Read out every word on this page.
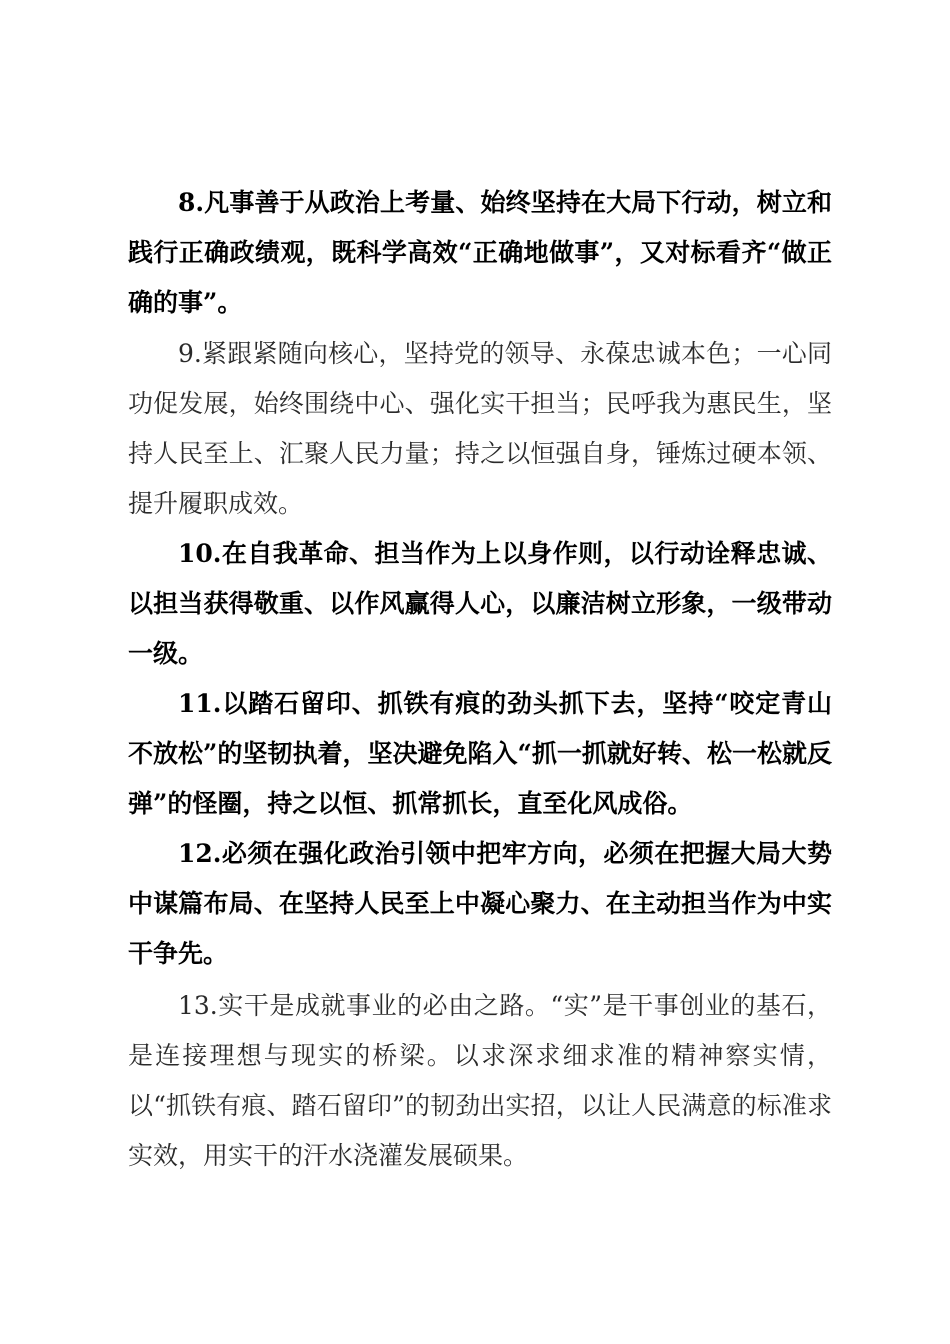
8.凡事善于从政治上考量、始终坚持在大局下行动，树立和践行正确政绩观，既科学高效“正确地做事”，又对标看齐“做正确的事”。

9.紧跟紧随向核心，坚持党的领导、永葆忠诚本色；一心同功促发展，始终围绕中心、强化实干担当；民呼我为惠民生，坚持人民至上、汇聚人民力量；持之以恒强自身，锤炼过硬本领、提升履职成效。

10.在自我革命、担当作为上以身作则，以行动诠释忠诚、以担当获得敬重、以作风赢得人心，以廉洁树立形象，一级带动一级。

11.以踏石留印、抓铁有痕的劲头抓下去，坚持“咬定青山不放松”的坚韧执着，坚决避免陷入“抓一抓就好转、松一松就反弹”的怪圈，持之以恒、抓常抓长，直至化风成俗。

12.必须在强化政治引领中把牢方向，必须在把握大局大势中谋篇布局、在坚持人民至上中凝心聚力、在主动担当作为中实干争先。

13.实干是成就事业的必由之路。“实”是干事创业的基石，是连接理想与现实的桥梁。以求深求细求准的精神察实情，以“抓铁有痕、踏石留印”的韧劲出实招，以让人民满意的标准求实效，用实干的汗水浇灌发展硕果。
